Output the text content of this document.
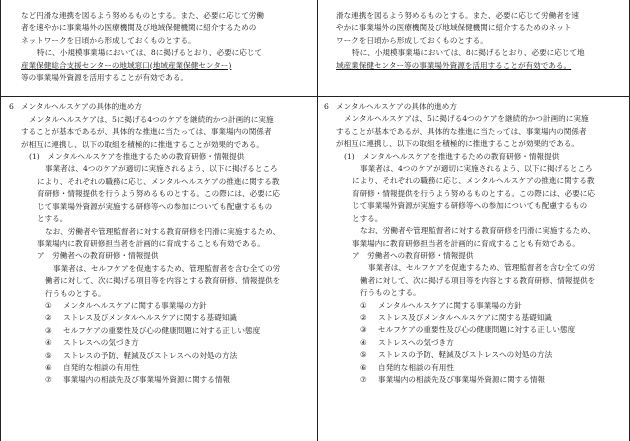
など円滑な連携を図るよう努めるものとする。また、必要に応じて労働
者を速やかに事業場外の医療機関及び地域保健機関に紹介するための
ネットワークを日頃から形成しておくものとする。
特に、小規模事業場においては、8に掲げるとおり、必要に応じて
産業保健総合支援センターの地域窓口(地域産業保健センター)
等の事業場外資源を活用することが有効である。
6 メンタルヘルスケアの具体的進め方
メンタルヘルスケアは、5に掲げる4つのケアを継続的かつ計画的に実施
することが基本であるが、具体的な推進に当たっては、事業場内の関係者
が相互に連携し、以下の取組を積極的に推進することが効果的である。
(1)　メンタルヘルスケアを推進するための教育研修・情報提供
事業者は、4つのケアが適切に実施されるよう、以下に掲げるところ
により、それぞれの職務に応じ、メンタルヘルスケアの推進に関する教
育研修・情報提供を行うよう努めるものとする。この際には、必要に応
じて事業場外資源が実施する研修等への参加についても配慮するもの
とする。
なお、労働者や管理監督者に対する教育研修を円滑に実施するため、
事業場内に教育研修担当者を計画的に育成することも有効である。
ア　労働者への教育研修・情報提供
事業者は、セルフケアを促進するため、管理監督者を含む全ての労
働者に対して、次に掲げる項目等を内容とする教育研修、情報提供を
行うものとする。
① メンタルヘルスケアに関する事業場の方針
② ストレス及びメンタルヘルスケアに関する基礎知識
③ セルフケアの重要性及び心の健康問題に対する正しい態度
④ ストレスへの気づき方
⑤ ストレスの予防、軽減及びストレスへの対処の方法
⑥ 自発的な相談の有用性
⑦ 事業場内の相談先及び事業場外資源に関する情報
滑な連携を図るよう努めるものとする。また、必要に応じて労働者を速
やかに事業場外の医療機関及び地域保健機関に紹介するためのネット
ワークを日頃から形成しておくものとする。
特に、小規模事業場においては、8に掲げるとおり、必要に応じて地
域産業保健センター等の事業場外資源を活用することが有効である。
6 メンタルヘルスケアの具体的進め方
メンタルヘルスケアは、5に掲げる4つのケアを継続的かつ計画的に実施
することが基本であるが、具体的な推進に当たっては、事業場内の関係者
が相互に連携し、以下の取組を積極的に推進することが効果的である。
(1)　メンタルヘルスケアを推進するための教育研修・情報提供
事業者は、4つのケアが適切に実施されるよう、以下に掲げるところ
により、それぞれの職務に応じ、メンタルヘルスケアの推進に関する教
育研修・情報提供を行うよう努めるものとする。この際には、必要に応
じて事業場外資源が実施する研修等への参加についても配慮するもの
とする。
なお、労働者や管理監督者に対する教育研修を円滑に実施するため、
事業場内に教育研修担当者を計画的に育成することも有効である。
ア　労働者への教育研修・情報提供
事業者は、セルフケアを促進するため、管理監督者を含む全ての労
働者に対して、次に掲げる項目等を内容とする教育研修、情報提供を
行うものとする。
① メンタルヘルスケアに関する事業場の方針
② ストレス及びメンタルヘルスケアに関する基礎知識
③ セルフケアの重要性及び心の健康問題に対する正しい態度
④ ストレスへの気づき方
⑤ ストレスの予防、軽減及びストレスへの対処の方法
⑥ 自発的な相談の有用性
⑦ 事業場内の相談先及び事業場外資源に関する情報
